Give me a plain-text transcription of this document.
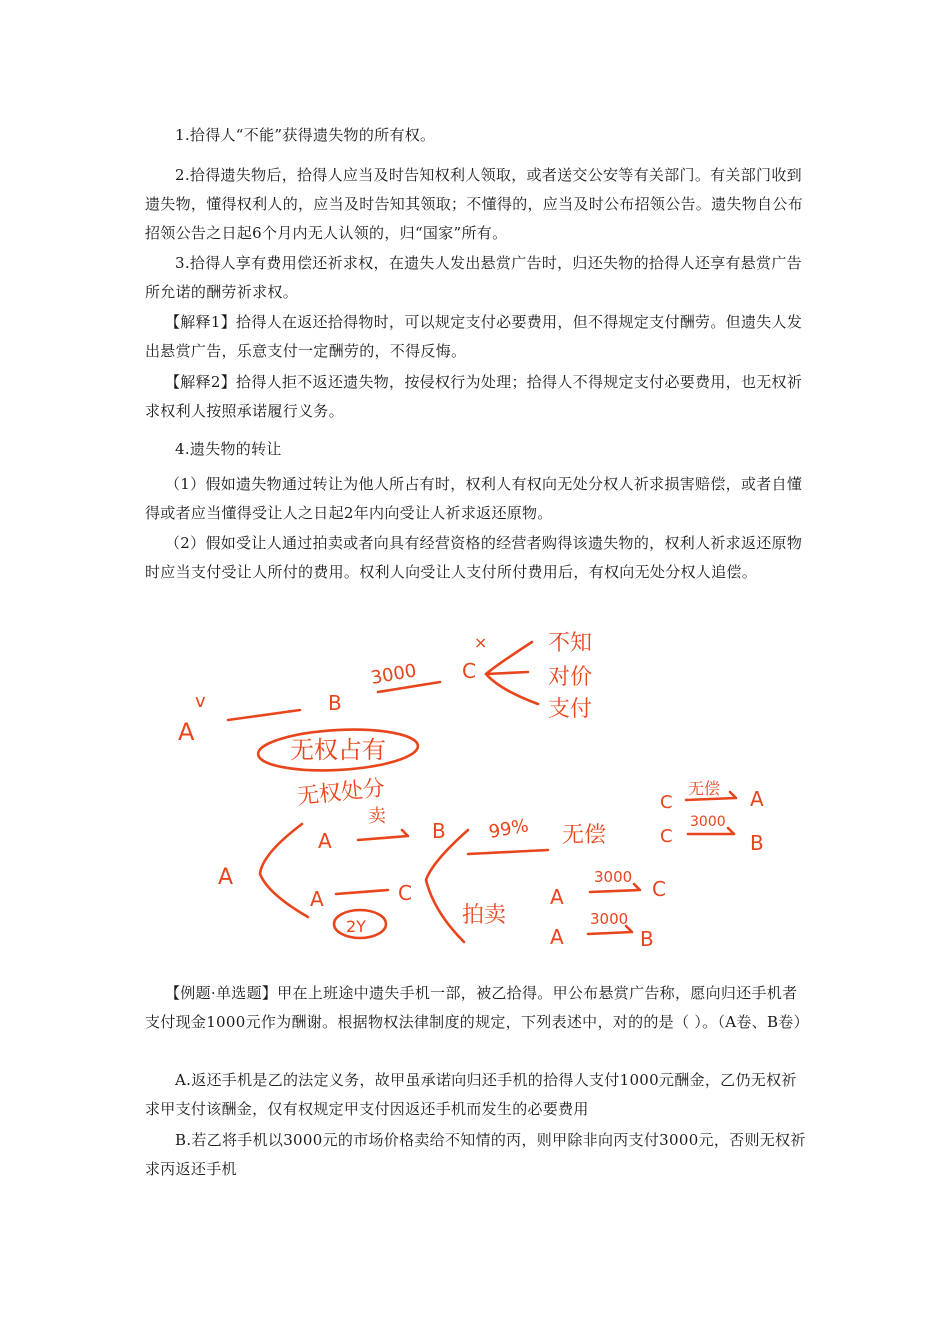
1.拾得人“不能”获得遗失物的所有权。

2.拾得遗失物后，拾得人应当及时告知权利人领取，或者送交公安等有关部门。有关部门收到遗失物，懂得权利人的，应当及时告知其领取；不懂得的，应当及时公布招领公告。遗失物自公布招领公告之日起6个月内无人认领的，归“国家”所有。

3.拾得人享有费用偿还祈求权，在遗失人发出悬赏广告时，归还失物的拾得人还享有悬赏广告所允诺的酬劳祈求权。

【解释1】拾得人在返还拾得物时，可以规定支付必要费用，但不得规定支付酬劳。但遗失人发出悬赏广告，乐意支付一定酬劳的，不得反悔。

【解释2】拾得人拒不返还遗失物，按侵权行为处理；拾得人不得规定支付必要费用，也无权祈求权利人按照承诺履行义务。

4.遗失物的转让

（1）假如遗失物通过转让为他人所占有时，权利人有权向无处分权人祈求损害赔偿，或者自懂得或者应当懂得受让人之日起2年内向受让人祈求返还原物。

（2）假如受让人通过拍卖或者向具有经营资格的经营者购得该遗失物的，权利人祈求返还原物时应当支付受让人所付的费用。权利人向受让人支付所付费用后，有权向无处分权人追偿。

A
v	B
3000 C
×	不知
对价
支付
无权占有
无权处分
A
A
卖
B
A	C
2Y
99% 无偿
拍卖
C
无偿 A
C
3000
B
A
3000 C
A
3000
B

【例题·单选题】甲在上班途中遗失手机一部，被乙拾得。甲公布悬赏广告称，愿向归还手机者支付现金1000元作为酬谢。根据物权法律制度的规定，下列表述中，对的的是（ ）。（A卷、B卷）

A.返还手机是乙的法定义务，故甲虽承诺向归还手机的拾得人支付1000元酬金，乙仍无权祈求甲支付该酬金，仅有权规定甲支付因返还手机而发生的必要费用

B.若乙将手机以3000元的市场价格卖给不知情的丙，则甲除非向丙支付3000元，否则无权祈求丙返还手机
